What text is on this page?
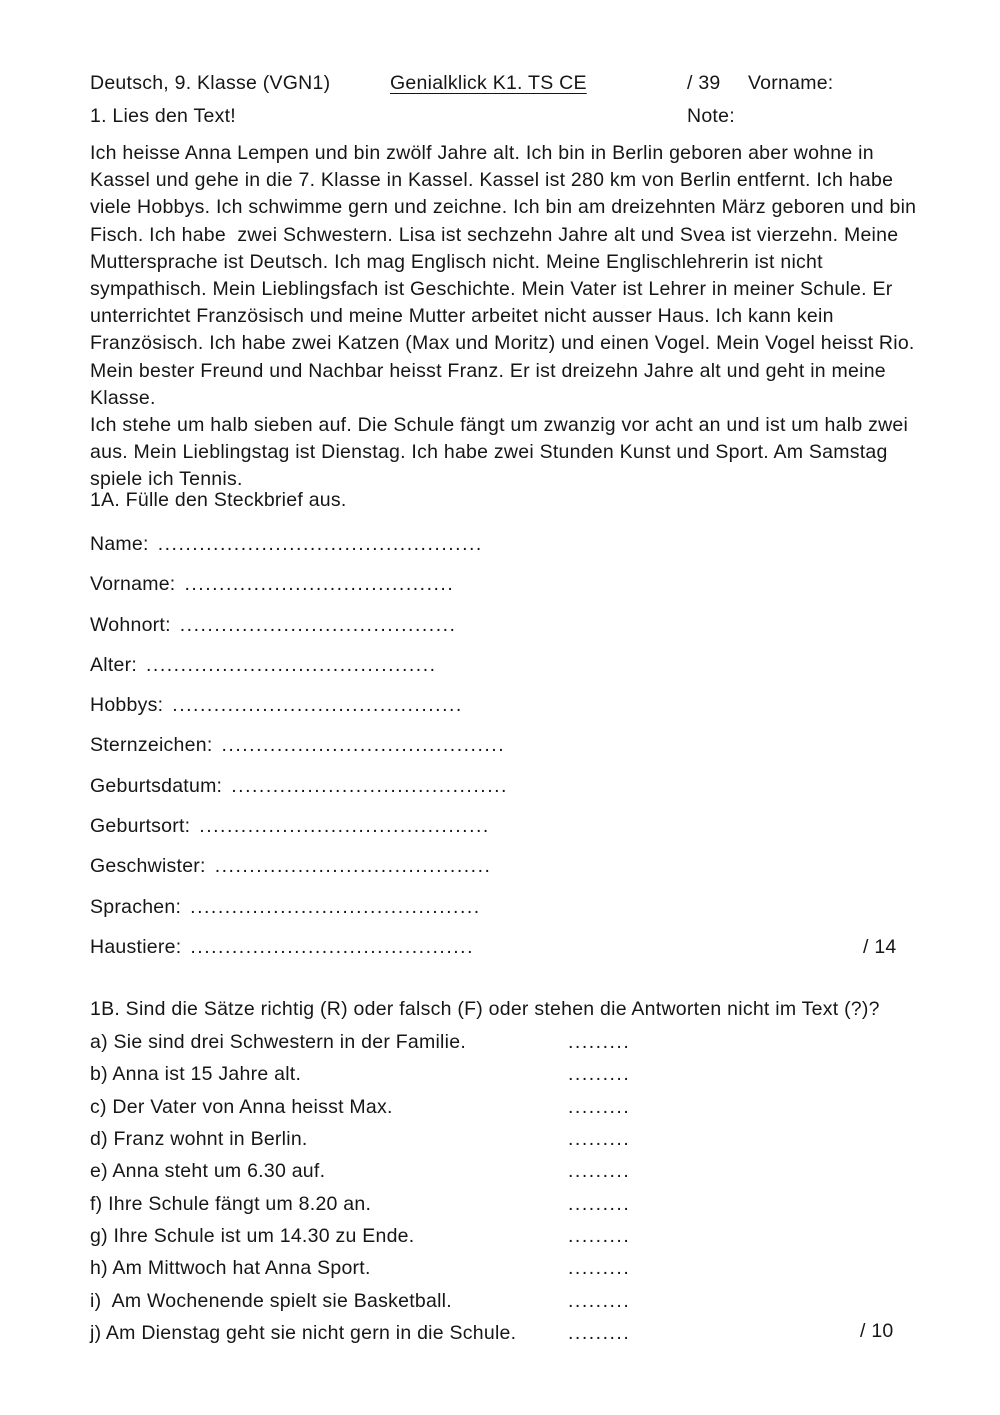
Deutsch, 9. Klasse (VGN1)	Genialklick K1. TS CE	/ 39 Vorname:
1. Lies den Text!	Note:
Ich heisse Anna Lempen und bin zwölf Jahre alt. Ich bin in Berlin geboren aber wohne in
Kassel und gehe in die 7. Klasse in Kassel. Kassel ist 280 km von Berlin entfernt. Ich habe
viele Hobbys. Ich schwimme gern und zeichne. Ich bin am dreizehnten März geboren und bin
Fisch. Ich habe  zwei Schwestern. Lisa ist sechzehn Jahre alt und Svea ist vierzehn. Meine
Muttersprache ist Deutsch. Ich mag Englisch nicht. Meine Englischlehrerin ist nicht
sympathisch. Mein Lieblingsfach ist Geschichte. Mein Vater ist Lehrer in meiner Schule. Er
unterrichtet Französisch und meine Mutter arbeitet nicht ausser Haus. Ich kann kein
Französisch. Ich habe zwei Katzen (Max und Moritz) und einen Vogel. Mein Vogel heisst Rio.
Mein bester Freund und Nachbar heisst Franz. Er ist dreizehn Jahre alt und geht in meine
Klasse.
Ich stehe um halb sieben auf. Die Schule fängt um zwanzig vor acht an und ist um halb zwei
aus. Mein Lieblingstag ist Dienstag. Ich habe zwei Stunden Kunst und Sport. Am Samstag
spiele ich Tennis.
1A. Fülle den Steckbrief aus.
Name: ...............................................
Vorname: .......................................
Wohnort: ........................................
Alter: ..........................................
Hobbys: ..........................................
Sternzeichen: .........................................
Geburtsdatum: ........................................
Geburtsort: ..........................................
Geschwister: ........................................
Sprachen: ..........................................
Haustiere: .........................................	/ 14
1B. Sind die Sätze richtig (R) oder falsch (F) oder stehen die Antworten nicht im Text (?)?
a) Sie sind drei Schwestern in der Familie.	.........
b) Anna ist 15 Jahre alt.	.........
c) Der Vater von Anna heisst Max.	.........
d) Franz wohnt in Berlin.	.........
e) Anna steht um 6.30 auf.	.........
f) Ihre Schule fängt um 8.20 an.	.........
g) Ihre Schule ist um 14.30 zu Ende.	.........
h) Am Mittwoch hat Anna Sport.	.........
i)  Am Wochenende spielt sie Basketball.	.........
j) Am Dienstag geht sie nicht gern in die Schule.	.........	/ 10
